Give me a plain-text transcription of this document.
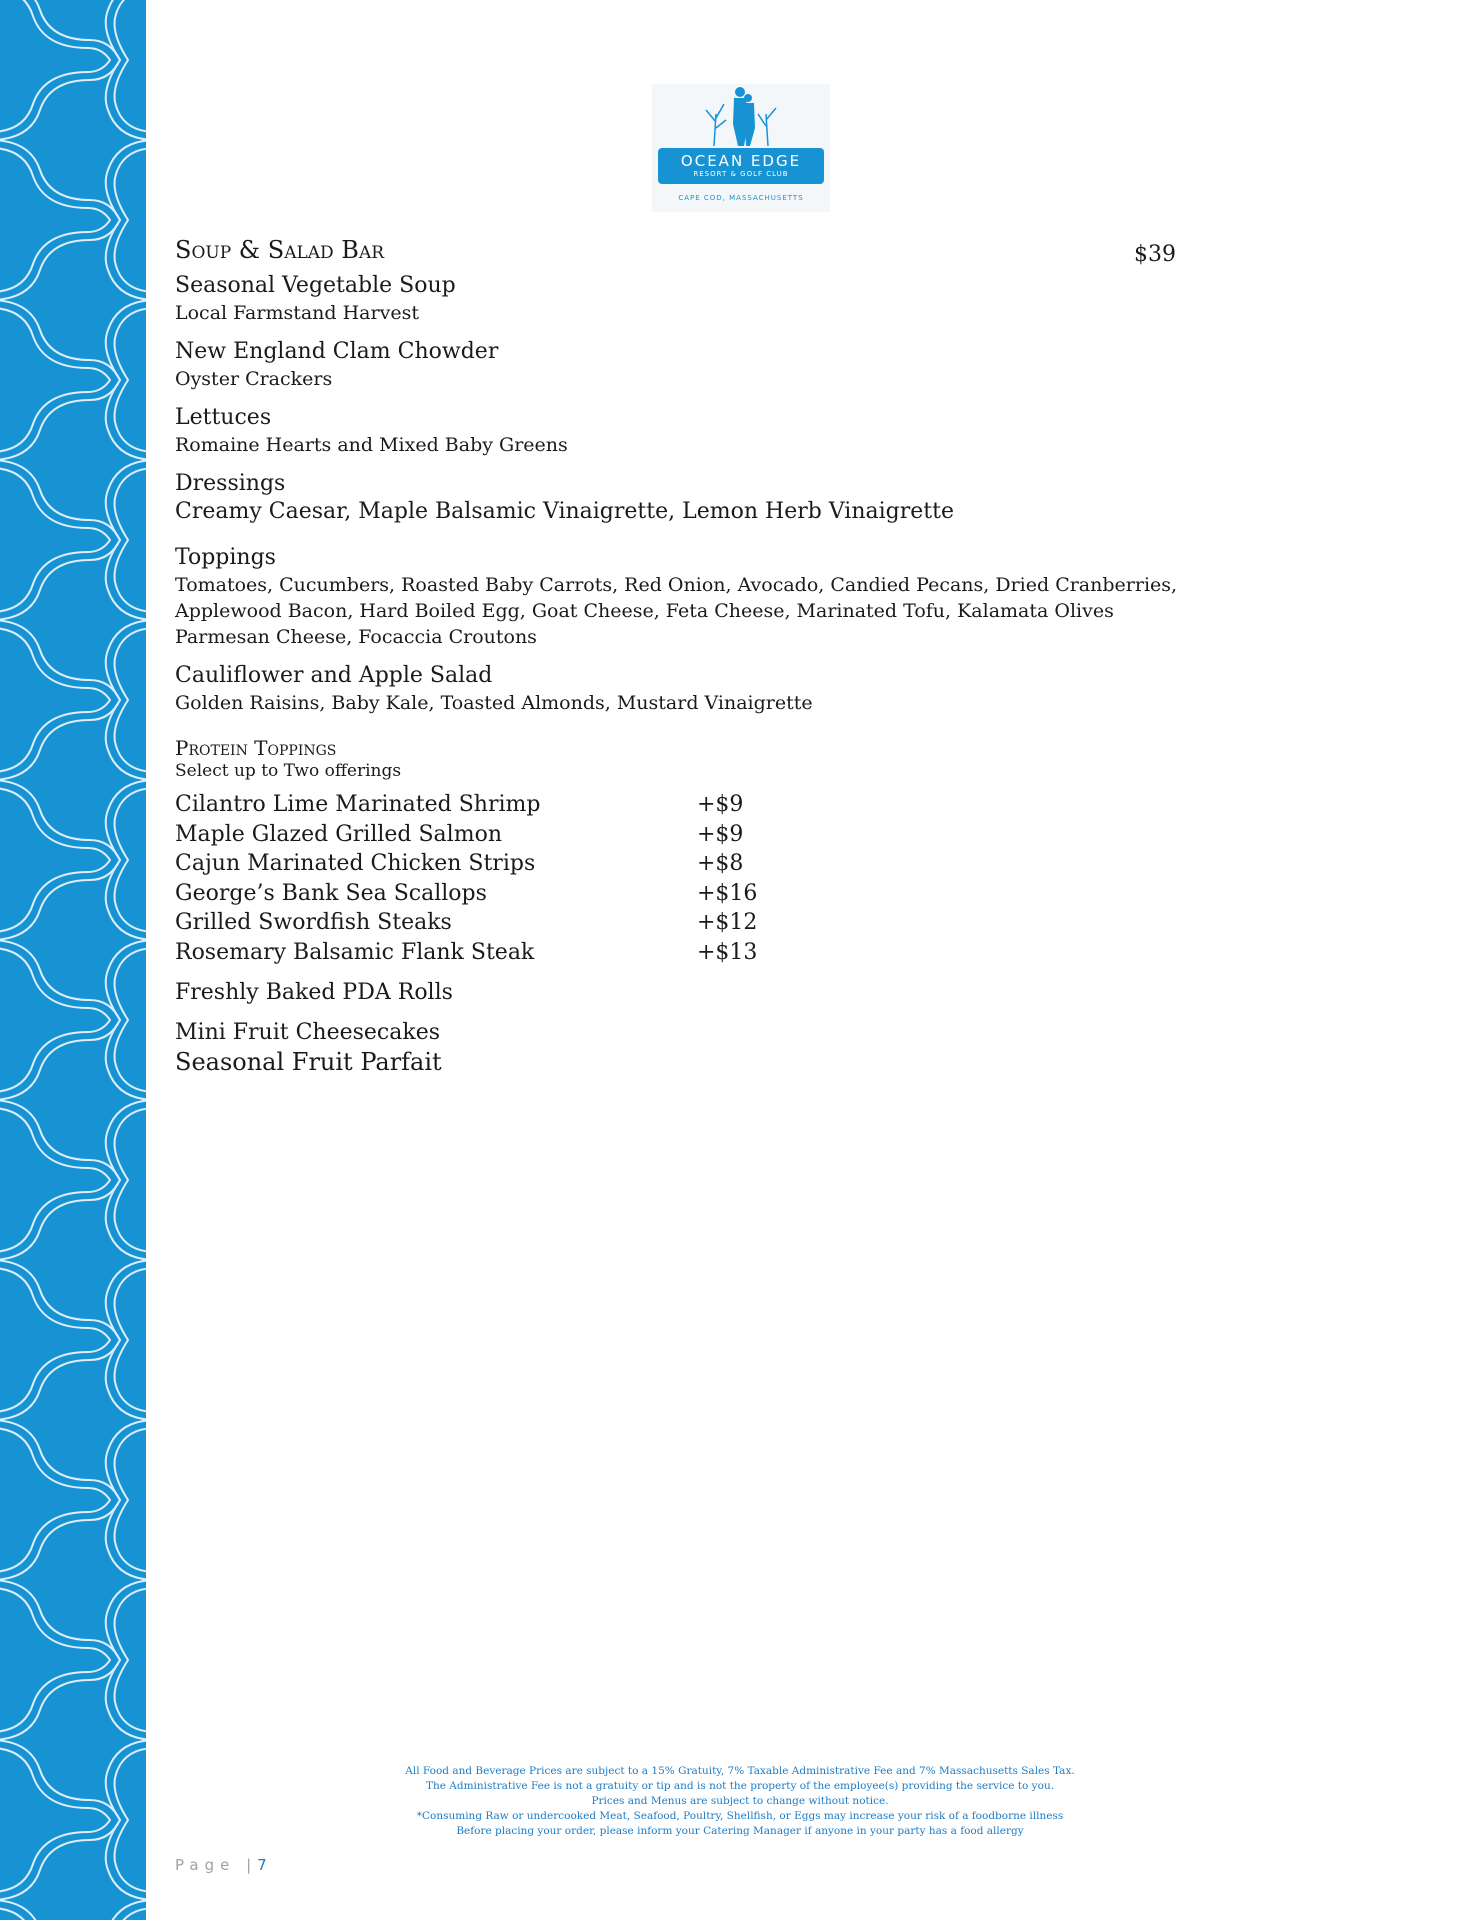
OCEAN EDGE
RESORT & GOLF CLUB
CAPE COD, MASSACHUSETTS
$39
Soup & Salad Bar
Seasonal Vegetable Soup
Local Farmstand Harvest
New England Clam Chowder
Oyster Crackers
Lettuces
Romaine Hearts and Mixed Baby Greens
Dressings
Creamy Caesar, Maple Balsamic Vinaigrette, Lemon Herb Vinaigrette
Toppings
Tomatoes, Cucumbers, Roasted Baby Carrots, Red Onion, Avocado, Candied Pecans, Dried Cranberries,
Applewood Bacon, Hard Boiled Egg, Goat Cheese, Feta Cheese, Marinated Tofu, Kalamata Olives
Parmesan Cheese, Focaccia Croutons
Cauliflower and Apple Salad
Golden Raisins, Baby Kale, Toasted Almonds, Mustard Vinaigrette
Protein Toppings
Select up to Two offerings
Cilantro Lime Marinated Shrimp	+$9
Maple Glazed Grilled Salmon	+$9
Cajun Marinated Chicken Strips	+$8
George’s Bank Sea Scallops	+$16
Grilled Swordfish Steaks	+$12
Rosemary Balsamic Flank Steak	+$13
Freshly Baked PDA Rolls
Mini Fruit Cheesecakes
Seasonal Fruit Parfait
All Food and Beverage Prices are subject to a 15% Gratuity, 7% Taxable Administrative Fee and 7% Massachusetts Sales Tax.
The Administrative Fee is not a gratuity or tip and is not the property of the employee(s) providing the service to you.
Prices and Menus are subject to change without notice.
*Consuming Raw or undercooked Meat, Seafood, Poultry, Shellfish, or Eggs may increase your risk of a foodborne illness
Before placing your order, please inform your Catering Manager if anyone in your party has a food allergy
Page |7
